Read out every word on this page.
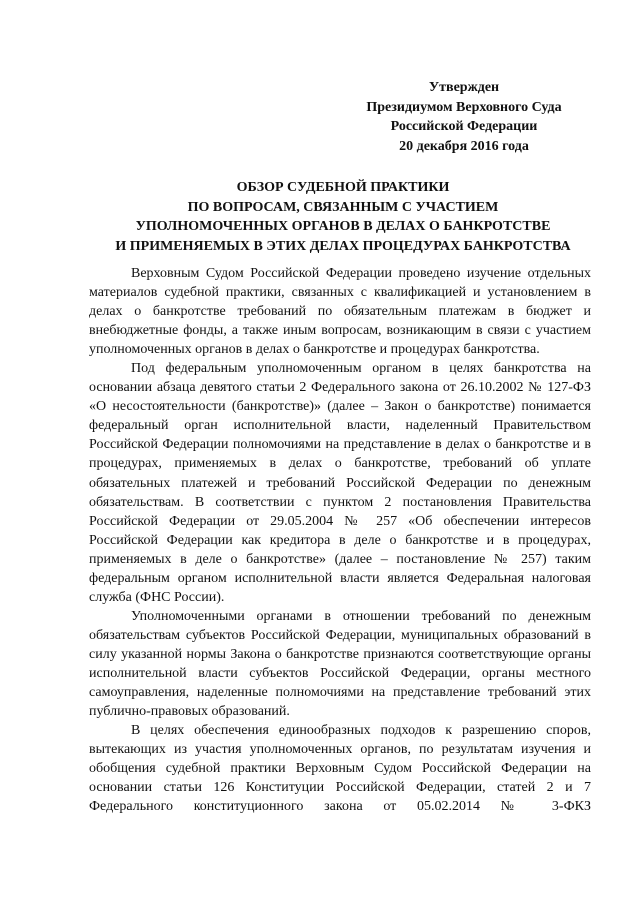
Утвержден
Президиумом Верховного Суда
Российской Федерации
20 декабря 2016 года
ОБЗОР СУДЕБНОЙ ПРАКТИКИ
ПО ВОПРОСАМ, СВЯЗАННЫМ С УЧАСТИЕМ
УПОЛНОМОЧЕННЫХ ОРГАНОВ В ДЕЛАХ О БАНКРОТСТВЕ
И ПРИМЕНЯЕМЫХ В ЭТИХ ДЕЛАХ ПРОЦЕДУРАХ БАНКРОТСТВА

Верховным Судом Российской Федерации проведено изучение отдельных материалов судебной практики, связанных с квалификацией и установлением в делах о банкротстве требований по обязательным платежам в бюджет и внебюджетные фонды, а также иным вопросам, возникающим в связи с участием уполномоченных органов в делах о банкротстве и процедурах банкротства.

Под федеральным уполномоченным органом в целях банкротства на основании абзаца девятого статьи 2 Федерального закона от 26.10.2002 № 127-ФЗ «О несостоятельности (банкротстве)» (далее – Закон о банкротстве) понимается федеральный орган исполнительной власти, наделенный Правительством Российской Федерации полномочиями на представление в делах о банкротстве и в процедурах, применяемых в делах о банкротстве, требований об уплате обязательных платежей и требований Российской Федерации по денежным обязательствам. В соответствии с пунктом 2 постановления Правительства Российской Федерации от 29.05.2004 № 257 «Об обеспечении интересов Российской Федерации как кредитора в деле о банкротстве и в процедурах, применяемых в деле о банкротстве» (далее – постановление № 257) таким федеральным органом исполнительной власти является Федеральная налоговая служба (ФНС России).

Уполномоченными органами в отношении требований по денежным обязательствам субъектов Российской Федерации, муниципальных образований в силу указанной нормы Закона о банкротстве признаются соответствующие органы исполнительной власти субъектов Российской Федерации, органы местного самоуправления, наделенные полномочиями на представление требований этих публично-правовых образований.

В целях обеспечения единообразных подходов к разрешению споров, вытекающих из участия уполномоченных органов, по результатам изучения и обобщения судебной практики Верховным Судом Российской Федерации на основании статьи 126 Конституции Российской Федерации, статей 2 и 7 Федерального конституционного закона от 05.02.2014 № 3-ФКЗ
